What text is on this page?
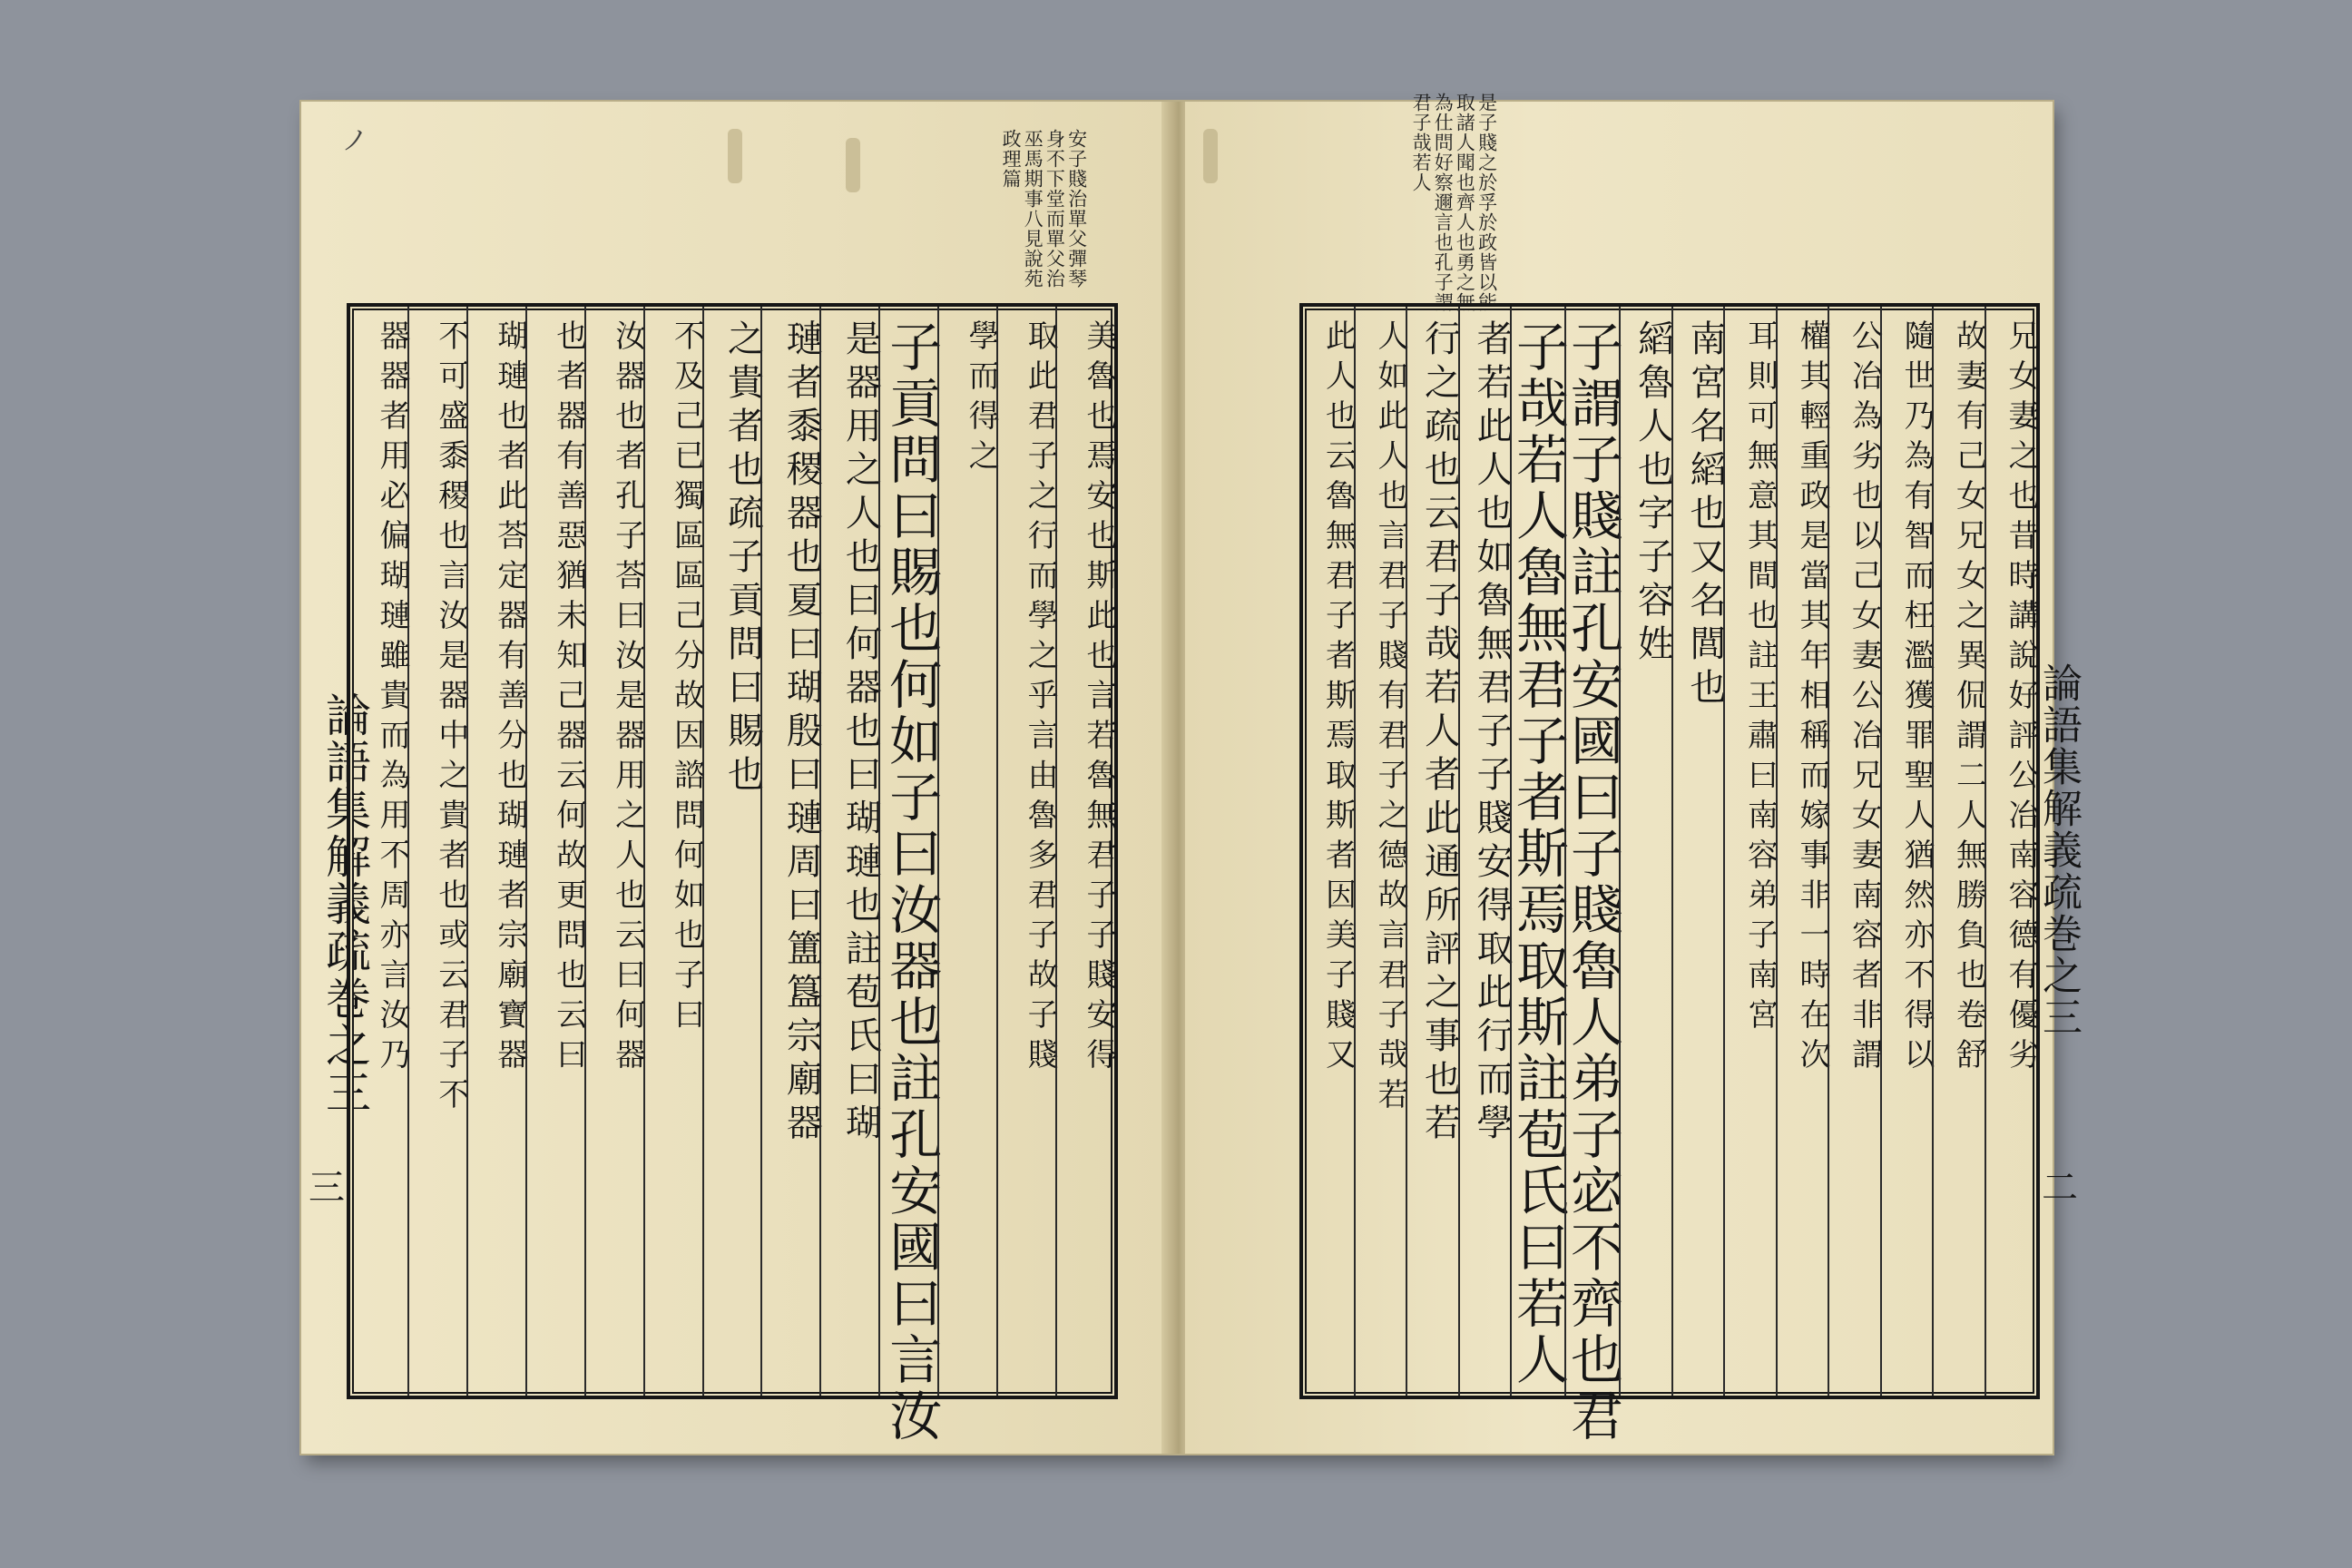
ノ	安子賤治單父彈琴身不下堂而單父治巫馬期事八見說苑政理篇
論語集解義疏巻之三
三
是子賤之於孚於政皆以能取諸人聞也齊人也勇之無為仕問好察邇言也孔子謂君子哉若人
美魯也焉安也斯此也言若魯無君子子賤安得
取此君子之行而學之乎言由魯多君子故子賤
學而得之
子貢問曰賜也何如子曰汝器也註孔安國曰言汝
是器用之人也曰何器也曰瑚璉也註苞氏曰瑚
璉者黍稷器也夏曰瑚殷曰璉周曰簠簋宗廟器
之貴者也疏子貢問曰賜也
不及己已獨區區己分故因諮問何如也子曰
汝器也者孔子荅曰汝是器用之人也云曰何器
也者器有善惡猶未知己器云何故更問也云曰
瑚璉也者此荅定器有善分也瑚璉者宗廟寶器
不可盛黍稷也言汝是器中之貴者也或云君子不
器器者用必偏瑚璉雖貴而為用不周亦言汝乃	兄女妻之也昔時講說好評公冶南容德有優劣
故妻有己女兄女之異侃謂二人無勝負也卷舒
隨世乃為有智而枉濫獲罪聖人猶然亦不得以
公冶為劣也以己女妻公冶兄女妻南容者非謂
權其輕重政是當其年相稱而嫁事非一時在次
耳則可無意其間也註王肅曰南容弟子南宮
南宮名縚也又名閭也
縚魯人也字子容姓
子謂子賤註孔安國曰子賤魯人弟子宓不齊也君
子哉若人魯無君子者斯焉取斯註苞氏曰若人
者若此人也如魯無君子子賤安得取此行而學
行之疏也云君子哉若人者此通所評之事也若
人如此人也言君子賤有君子之德故言君子哉若
此人也云魯無君子者斯焉取斯者因美子賤又	論語集解義疏巻之三
二
